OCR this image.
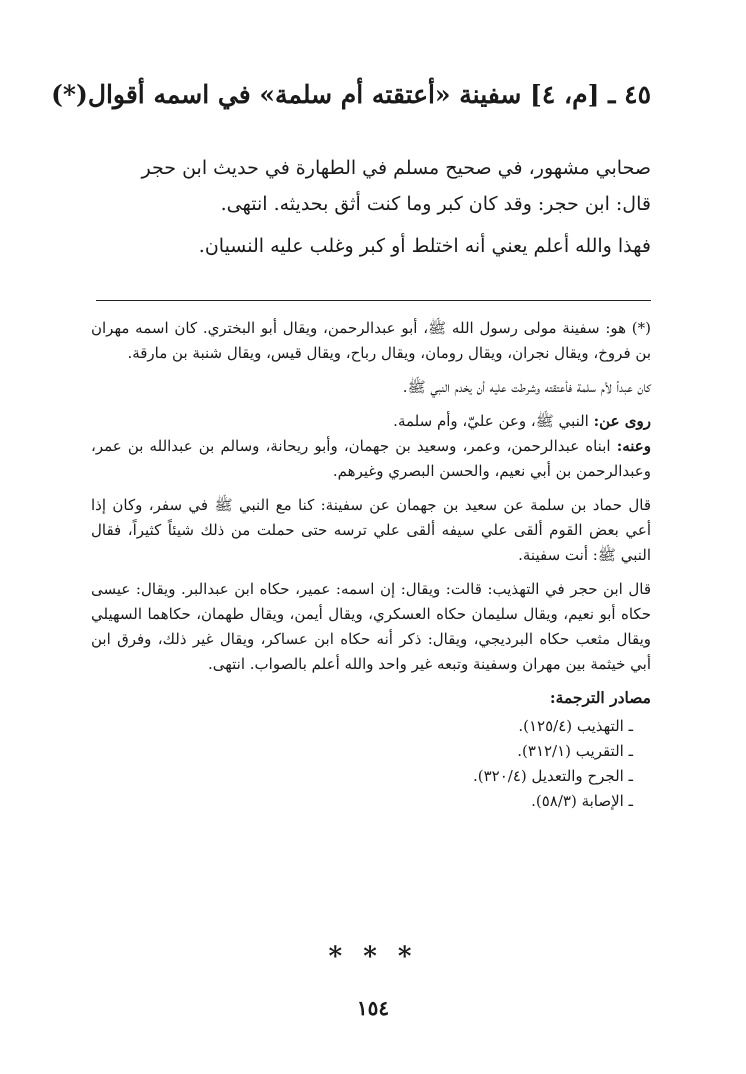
٤٥ ـ [م، ٤] سفينة «أعتقته أم سلمة» في اسمه أقوال(*)

صحابي مشهور، في صحيح مسلم في الطهارة في حديث ابن حجر

قال: ابن حجر: وقد كان كبر وما كنت أثق بحديثه. انتهى.

فهذا والله أعلم يعني أنه اختلط أو كبر وغلب عليه النسيان.

(*) هو: سفينة مولى رسول الله ﷺ، أبو عبدالرحمن، ويقال أبو البختري. كان اسمه مهران بن فروخ، ويقال نجران، ويقال رومان، ويقال رباح، ويقال قيس، ويقال شنبة بن مارقة.

كان عبداً لأم سلمة فأعتقته وشرطت عليه أن يخدم النبي ﷺ.

روى عن: النبي ﷺ، وعن عليّ، وأم سلمة.

وعنه: ابناه عبدالرحمن، وعمر، وسعيد بن جهمان، وأبو ريحانة، وسالم بن عبدالله بن عمر، وعبدالرحمن بن أبي نعيم، والحسن البصري وغيرهم.

قال حماد بن سلمة عن سعيد بن جهمان عن سفينة: كنا مع النبي ﷺ في سفر، وكان إذا أعي بعض القوم ألقى علي سيفه ألقى علي ترسه حتى حملت من ذلك شيئاً كثيراً، فقال النبي ﷺ: أنت سفينة.

قال ابن حجر في التهذيب: قالت: ويقال: إن اسمه: عمير، حكاه ابن عبدالبر. ويقال: عيسى حكاه أبو نعيم، ويقال سليمان حكاه العسكري، ويقال أيمن، ويقال طهمان، حكاهما السهيلي ويقال مثعب حكاه البرديجي، ويقال: ذكر أنه حكاه ابن عساكر، ويقال غير ذلك، وفرق ابن أبي خيثمة بين مهران وسفينة وتبعه غير واحد والله أعلم بالصواب. انتهى.

مصادر الترجمة:
ـ التهذيب (١٢٥/٤).
ـ التقريب (٣١٢/١).
ـ الجرح والتعديل (٣٢٠/٤).
ـ الإصابة (٥٨/٣).
* * *
١٥٤
